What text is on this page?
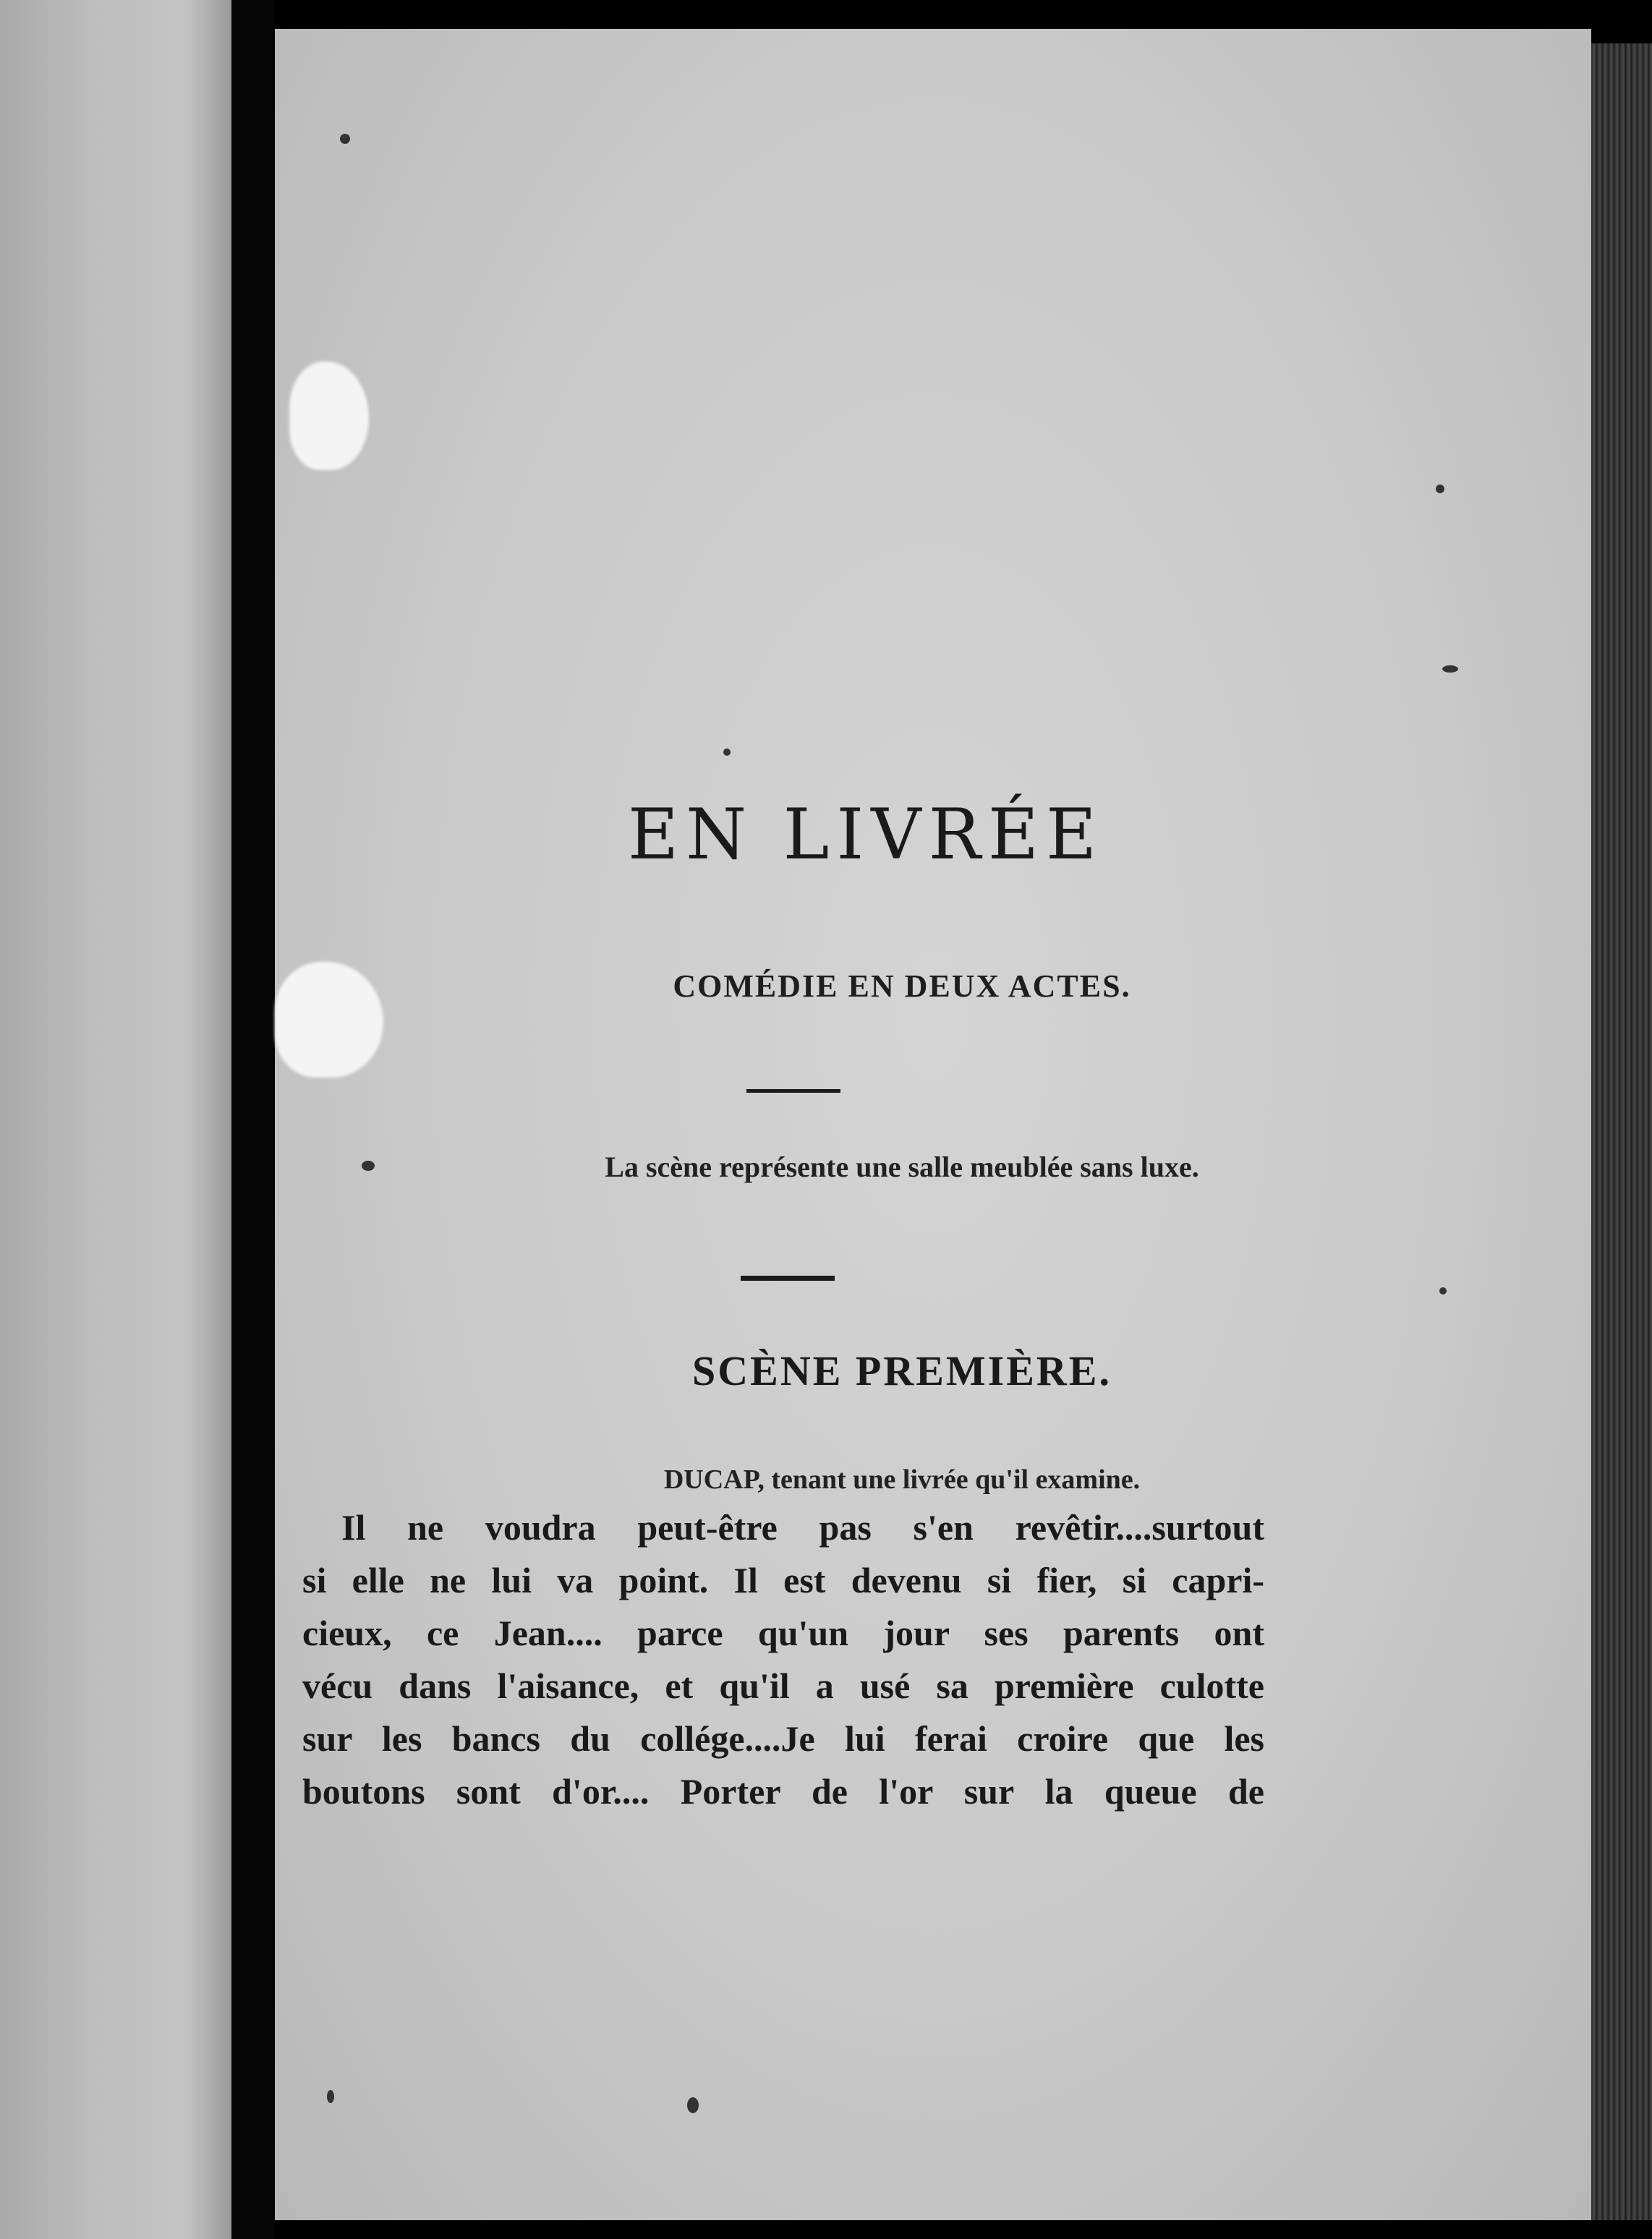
EN LIVRÉE
COMÉDIE EN DEUX ACTES.
La scène représente une salle meublée sans luxe.
SCÈNE PREMIÈRE.
DUCAP, tenant une livrée qu'il examine.
Il ne voudra peut-être pas s'en revêtir....surtout
si elle ne lui va point. Il est devenu si fier, si capri-
cieux, ce Jean.... parce qu'un jour ses parents ont
vécu dans l'aisance, et qu'il a usé sa première culotte
sur les bancs du collége....Je lui ferai croire que les
boutons sont d'or.... Porter de l'or sur la queue de
